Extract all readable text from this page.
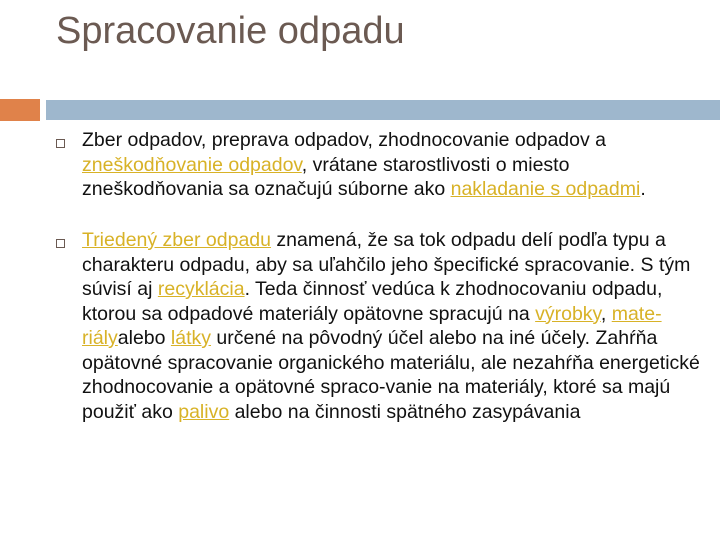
Spracovanie odpadu
Zber odpadov, preprava odpadov, zhodnocovanie odpadov a zneškodňovanie odpadov, vrátane starostlivosti o miesto zneškodňovania sa označujú súborne ako nakladanie s odpadmi.
Triedený zber odpadu znamená, že sa tok odpadu delí podľa typu a charakteru odpadu, aby sa uľahčilo jeho špecifické spracovanie. S tým súvisí aj recyklácia. Teda činnosť vedúca k zhodnocovaniu odpadu, ktorou sa odpadové materiály opätovne spracujú na výrobky, mate-riályalebo látky určené na pôvodný účel alebo na iné účely. Zahŕňa opätovné spracovanie organického materiálu, ale nezahŕňa energetické zhodnocovanie a opätovné spraco-vanie na materiály, ktoré sa majú použiť ako palivo alebo na činnosti spätného zasypávania
